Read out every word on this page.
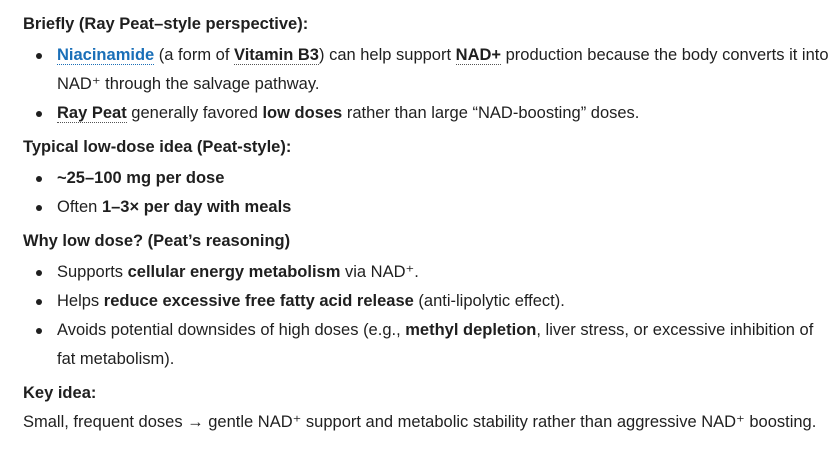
Briefly (Ray Peat–style perspective):

Niacinamide (a form of Vitamin B3) can help support NAD+ production because the body converts it into NAD⁺ through the salvage pathway.
Ray Peat generally favored low doses rather than large “NAD-boosting” doses.

Typical low-dose idea (Peat-style):

~25–100 mg per dose
Often 1–3× per day with meals

Why low dose? (Peat’s reasoning)

Supports cellular energy metabolism via NAD⁺.
Helps reduce excessive free fatty acid release (anti-lipolytic effect).
Avoids potential downsides of high doses (e.g., methyl depletion, liver stress, or excessive inhibition of fat metabolism).

Key idea:

Small, frequent doses → gentle NAD⁺ support and metabolic stability rather than aggressive NAD⁺ boosting.
